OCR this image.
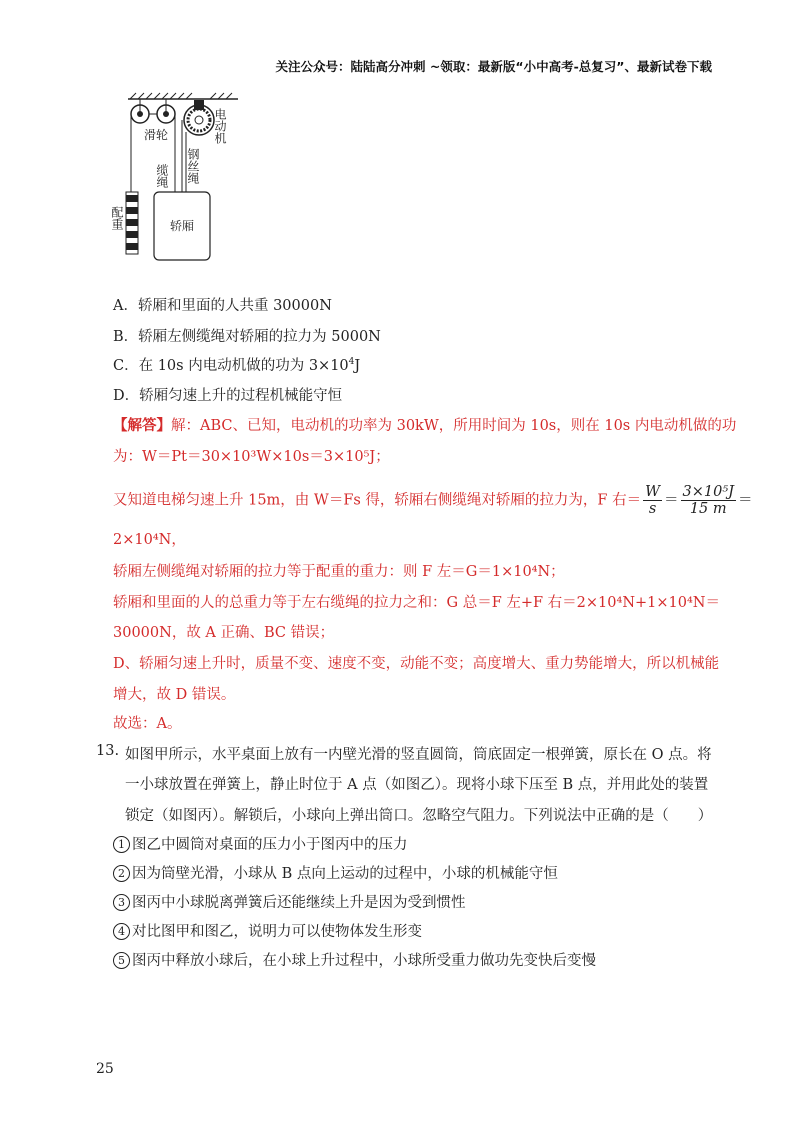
关注公众号：陆陆高分冲刺 ~领取：最新版“小中高考-总复习”、最新试卷下载
滑轮
缆绳 钢丝绳
电动机
配重	轿厢
A．轿厢和里面的人共重 30000N
B．轿厢左侧缆绳对轿厢的拉力为 5000N
C．在 10s 内电动机做的功为 $3\times 10^4J$
D．轿厢匀速上升的过程机械能守恒
【解答】解：ABC、已知，电动机的功率为 30kW，所用时间为 10s，则在 10s 内电动机做的功
为：W＝Pt＝30×10³W×10s＝3×10⁵J；
又知道电梯匀速上升 15m，由 W＝Fs 得，轿厢右侧缆绳对轿厢的拉力为，F 右＝ $\frac{W}{s} = \frac{\text{3×10⁵J}}{15 m}$ ＝
2×10⁴N，
轿厢左侧缆绳对轿厢的拉力等于配重的重力：则 F 左＝G＝1×10⁴N；
轿厢和里面的人的总重力等于左右缆绳的拉力之和：G 总＝F 左+F 右＝2×10⁴N+1×10⁴N＝
30000N，故 A 正确、BC 错误；
D、轿厢匀速上升时，质量不变、速度不变，动能不变；高度增大、重力势能增大，所以机械能
增大，故 D 错误。
故选：A。
13. 如图甲所示，水平桌面上放有一内壁光滑的竖直圆筒，筒底固定一根弹簧，原长在 O 点。将
一小球放置在弹簧上，静止时位于 A 点（如图乙）。现将小球下压至 B 点，并用此处的装置
锁定（如图丙）。解锁后，小球向上弹出筒口。忽略空气阻力。下列说法中正确的是（　　）
1 图乙中圆筒对桌面的压力小于图丙中的压力
2 因为筒壁光滑，小球从 B 点向上运动的过程中，小球的机械能守恒
3 图丙中小球脱离弹簧后还能继续上升是因为受到惯性
4 对比图甲和图乙，说明力可以使物体发生形变
5 图丙中释放小球后，在小球上升过程中，小球所受重力做功先变快后变慢
25
